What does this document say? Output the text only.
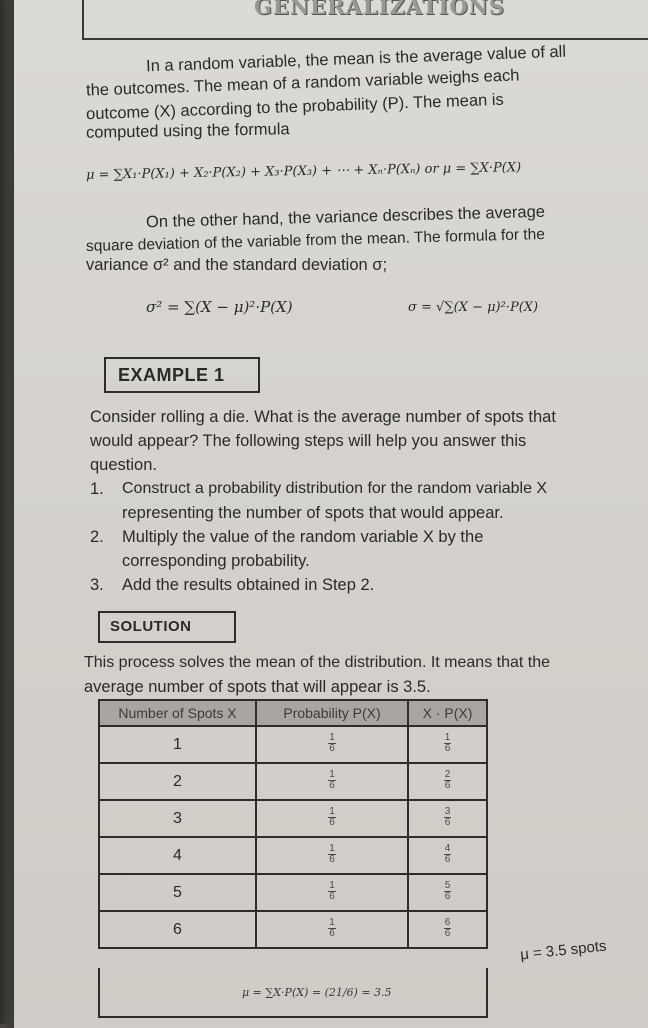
GENERALIZATIONS
In a random variable, the mean is the average value of all
the outcomes. The mean of a random variable weighs each
outcome (X) according to the probability (P). The mean is
computed using the formula
μ = ∑X₁·P(X₁) + X₂·P(X₂) + X₃·P(X₃) + ⋯ + Xₙ·P(Xₙ) or μ = ∑X·P(X)
On the other hand, the variance describes the average
square deviation of the variable from the mean. The formula for the
variance σ² and the standard deviation σ;
σ² = ∑(X − μ)²·P(X)	σ = √∑(X − μ)²·P(X)
EXAMPLE 1
Consider rolling a die. What is the average number of spots that
would appear? The following steps will help you answer this
question.
1. Construct a probability distribution for the random variable X
representing the number of spots that would appear.
2. Multiply the value of the random variable X by the
corresponding probability.
3. Add the results obtained in Step 2.
SOLUTION
This process solves the mean of the distribution. It means that the
average number of spots that will appear is 3.5.
Number of Spots X	Probability P(X)	X · P(X)
1	$\frac{1}{6}$	$\frac{1}{6}$

2	$\frac{1}{6}$	$\frac{2}{6}$

3	$\frac{1}{6}$	$\frac{3}{6}$

4	$\frac{1}{6}$	$\frac{4}{6}$

5	$\frac{1}{6}$	$\frac{5}{6}$

6	$\frac{1}{6}$	$\frac{6}{6}$
μ = ∑X·P(X) = (21/6) = 3.5
μ = 3.5 spots
